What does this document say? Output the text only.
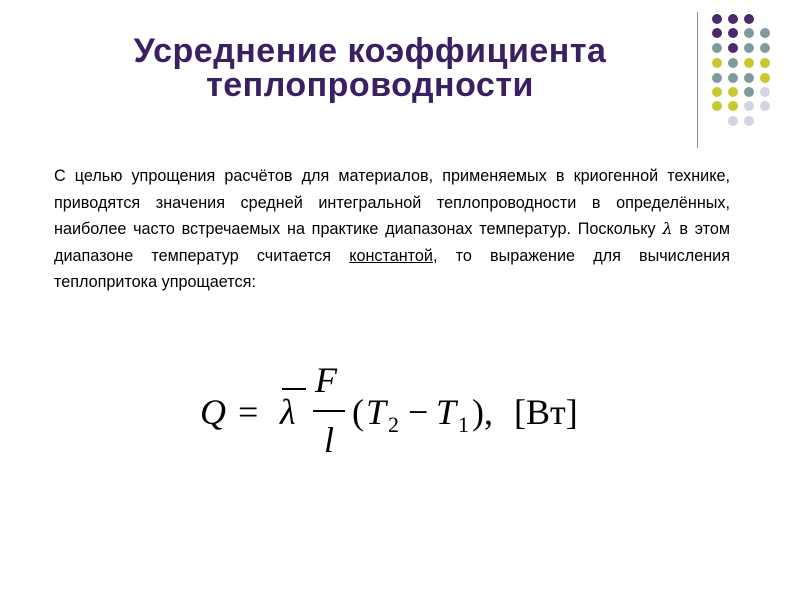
Усреднение коэффициента
теплопроводности
С целью упрощения расчётов для материалов, применяемых в криогенной технике, приводятся значения средней интегральной теплопроводности в определённых, наиболее часто встречаемых на практике диапазонах температур. Поскольку λ в этом диапазоне температур считается константой, то выражение для вычисления теплопритока упрощается:
Q = λ
F
l
( T 2 − T 1 ), [Вт]
